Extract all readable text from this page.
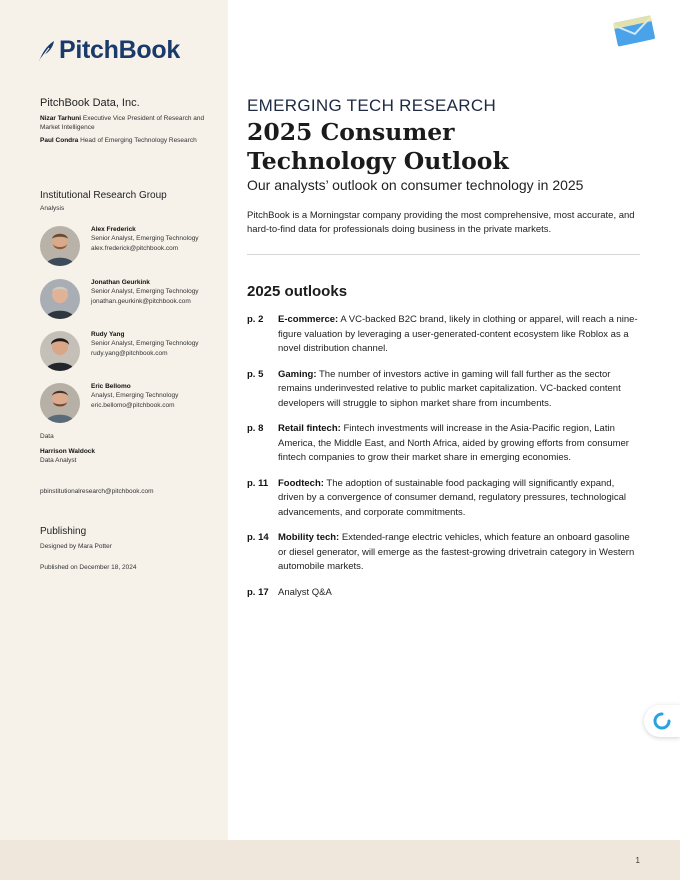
PitchBook
PitchBook Data, Inc.
Nizar Tarhuni Executive Vice President of Research and Market Intelligence
Paul Condra Head of Emerging Technology Research
Institutional Research Group
Analysis
Alex Frederick
Senior Analyst, Emerging Technology
alex.frederick@pitchbook.com
Jonathan Geurkink
Senior Analyst, Emerging Technology
jonathan.geurkink@pitchbook.com
Rudy Yang
Senior Analyst, Emerging Technology
rudy.yang@pitchbook.com
Eric Bellomo
Analyst, Emerging Technology
eric.bellomo@pitchbook.com
Data
Harrison Waldock
Data Analyst
pbinstitutionalresearch@pitchbook.com
Publishing
Designed by Mara Potter
Published on December 18, 2024
EMERGING TECH RESEARCH
2025 Consumer
Technology Outlook
Our analysts’ outlook on consumer technology in 2025
PitchBook is a Morningstar company providing the most comprehensive, most accurate, and hard-to-find data for professionals doing business in the private markets.
2025 outlooks
p. 2	E-commerce: A VC-backed B2C brand, likely in clothing or apparel, will reach a nine-figure valuation by leveraging a user-generated-content ecosystem like Roblox as a novel distribution channel.
p. 5	Gaming: The number of investors active in gaming will fall further as the sector remains underinvested relative to public market capitalization. VC-backed content developers will struggle to siphon market share from incumbents.
p. 8	Retail fintech: Fintech investments will increase in the Asia-Pacific region, Latin America, the Middle East, and North Africa, aided by growing efforts from consumer fintech companies to grow their market share in emerging economies.
p. 11	Foodtech: The adoption of sustainable food packaging will significantly expand, driven by a convergence of consumer demand, regulatory pressures, technological advancements, and corporate commitments.
p. 14 Mobility tech: Extended-range electric vehicles, which feature an onboard gasoline or diesel generator, will emerge as the fastest-growing drivetrain category in Western automobile markets.
p. 17 Analyst Q&A
1
